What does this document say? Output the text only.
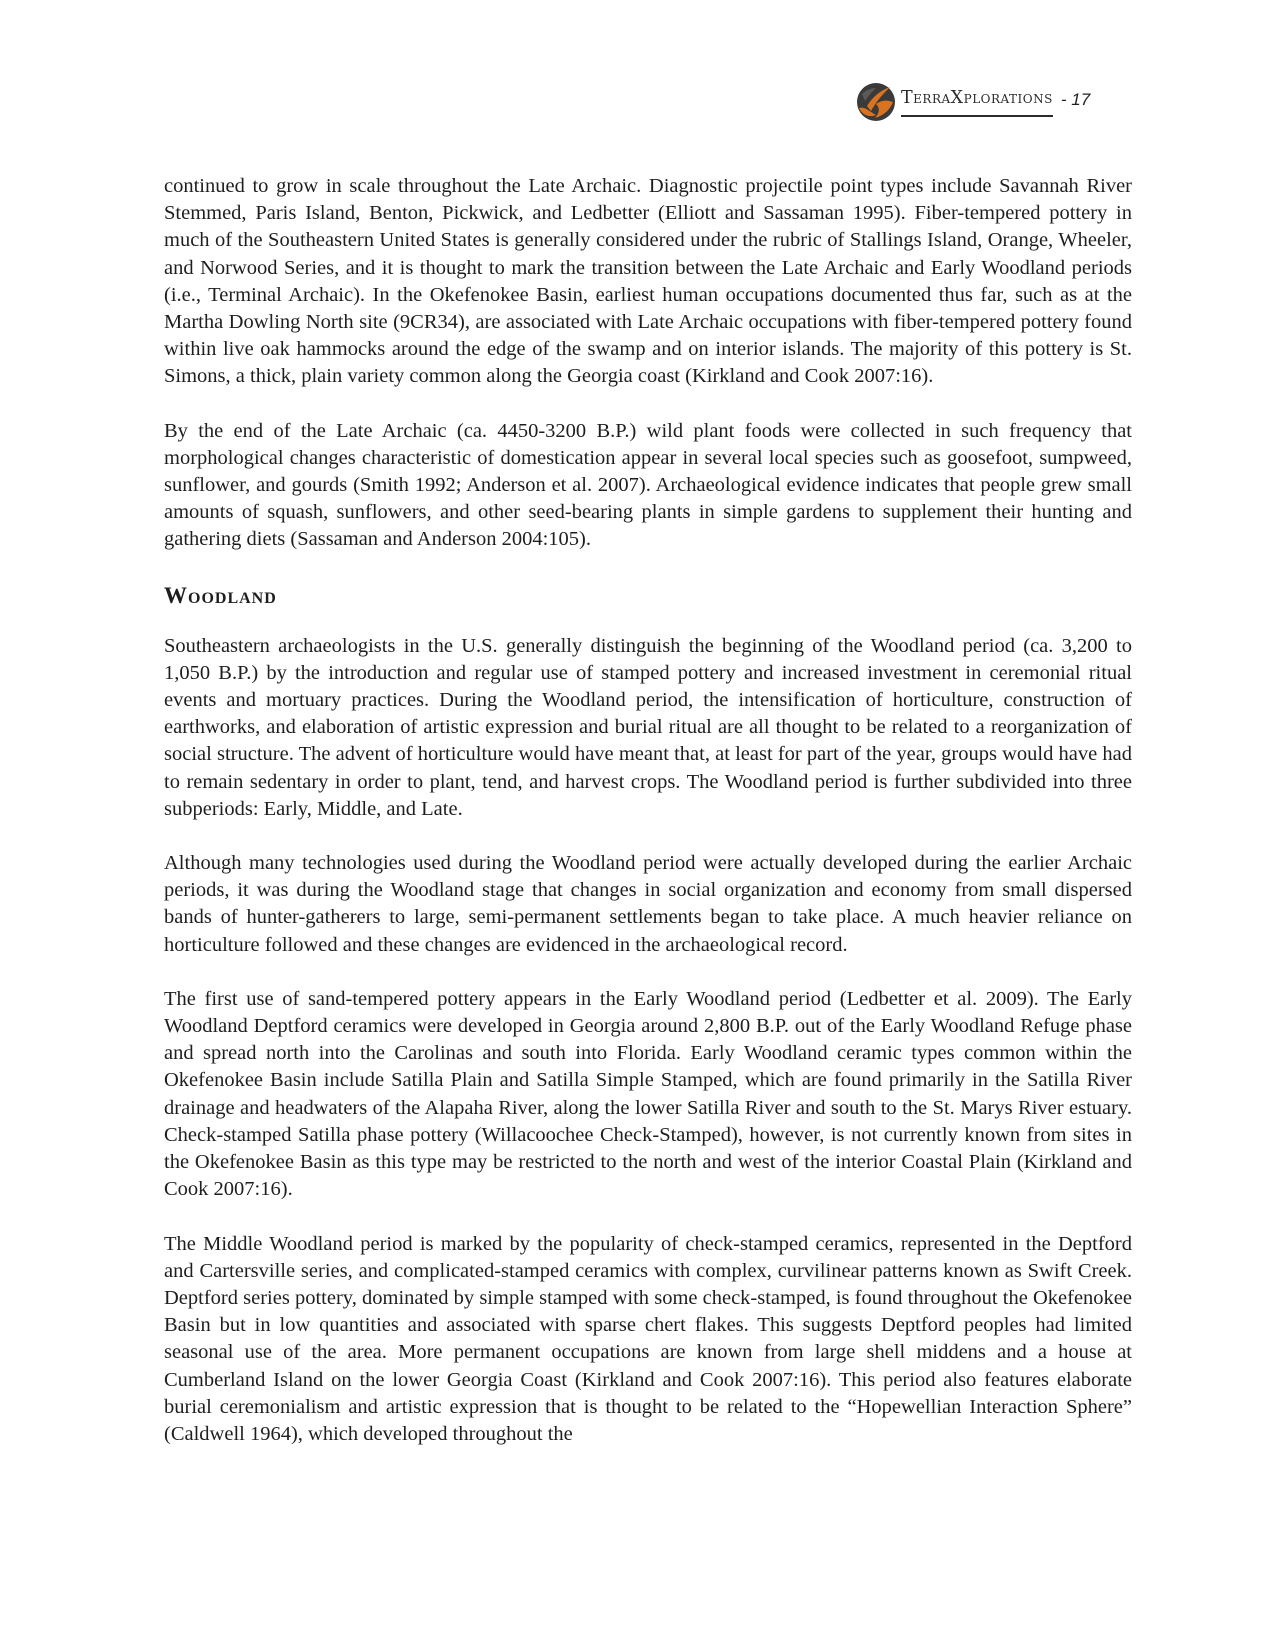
TerraXplorations - 17

continued to grow in scale throughout the Late Archaic. Diagnostic projectile point types include Savannah River Stemmed, Paris Island, Benton, Pickwick, and Ledbetter (Elliott and Sassaman 1995). Fiber-tempered pottery in much of the Southeastern United States is generally considered under the rubric of Stallings Island, Orange, Wheeler, and Norwood Series, and it is thought to mark the transition between the Late Archaic and Early Woodland periods (i.e., Terminal Archaic). In the Okefenokee Basin, earliest human occupations documented thus far, such as at the Martha Dowling North site (9CR34), are associated with Late Archaic occupations with fiber-tempered pottery found within live oak hammocks around the edge of the swamp and on interior islands. The majority of this pottery is St. Simons, a thick, plain variety common along the Georgia coast (Kirkland and Cook 2007:16).

By the end of the Late Archaic (ca. 4450-3200 B.P.) wild plant foods were collected in such frequency that morphological changes characteristic of domestication appear in several local species such as goosefoot, sumpweed, sunflower, and gourds (Smith 1992; Anderson et al. 2007). Archaeological evidence indicates that people grew small amounts of squash, sunflowers, and other seed-bearing plants in simple gardens to supplement their hunting and gathering diets (Sassaman and Anderson 2004:105).

Woodland

Southeastern archaeologists in the U.S. generally distinguish the beginning of the Woodland period (ca. 3,200 to 1,050 B.P.) by the introduction and regular use of stamped pottery and increased investment in ceremonial ritual events and mortuary practices. During the Woodland period, the intensification of horticulture, construction of earthworks, and elaboration of artistic expression and burial ritual are all thought to be related to a reorganization of social structure. The advent of horticulture would have meant that, at least for part of the year, groups would have had to remain sedentary in order to plant, tend, and harvest crops. The Woodland period is further subdivided into three subperiods: Early, Middle, and Late.

Although many technologies used during the Woodland period were actually developed during the earlier Archaic periods, it was during the Woodland stage that changes in social organization and economy from small dispersed bands of hunter-gatherers to large, semi-permanent settlements began to take place. A much heavier reliance on horticulture followed and these changes are evidenced in the archaeological record.

The first use of sand-tempered pottery appears in the Early Woodland period (Ledbetter et al. 2009). The Early Woodland Deptford ceramics were developed in Georgia around 2,800 B.P. out of the Early Woodland Refuge phase and spread north into the Carolinas and south into Florida. Early Woodland ceramic types common within the Okefenokee Basin include Satilla Plain and Satilla Simple Stamped, which are found primarily in the Satilla River drainage and headwaters of the Alapaha River, along the lower Satilla River and south to the St. Marys River estuary. Check-stamped Satilla phase pottery (Willacoochee Check-Stamped), however, is not currently known from sites in the Okefenokee Basin as this type may be restricted to the north and west of the interior Coastal Plain (Kirkland and Cook 2007:16).

The Middle Woodland period is marked by the popularity of check-stamped ceramics, represented in the Deptford and Cartersville series, and complicated-stamped ceramics with complex, curvilinear patterns known as Swift Creek. Deptford series pottery, dominated by simple stamped with some check-stamped, is found throughout the Okefenokee Basin but in low quantities and associated with sparse chert flakes. This suggests Deptford peoples had limited seasonal use of the area. More permanent occupations are known from large shell middens and a house at Cumberland Island on the lower Georgia Coast (Kirkland and Cook 2007:16). This period also features elaborate burial ceremonialism and artistic expression that is thought to be related to the “Hopewellian Interaction Sphere” (Caldwell 1964), which developed throughout the
